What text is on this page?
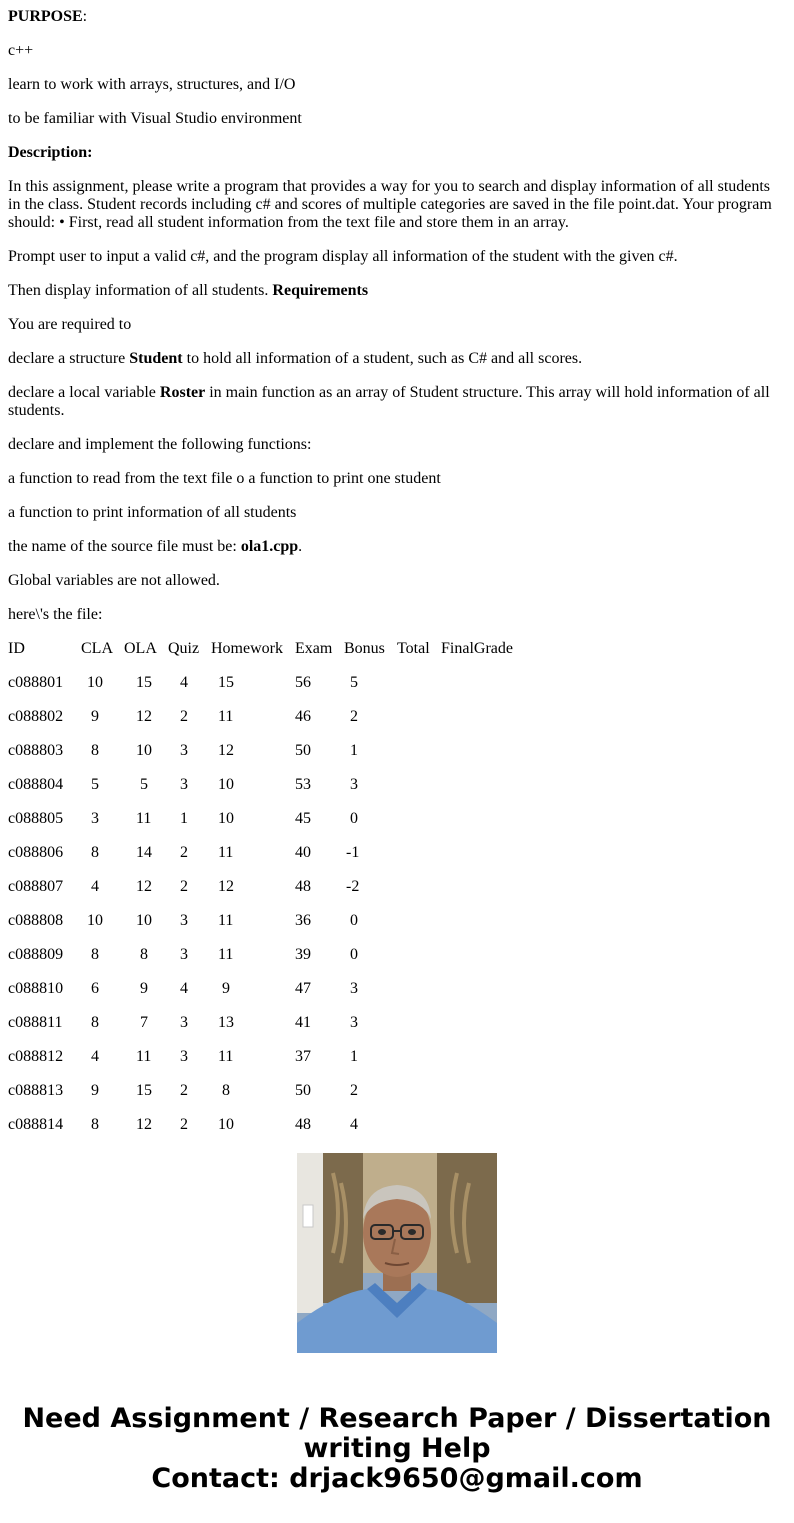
PURPOSE:

c++

learn to work with arrays, structures, and I/O

to be familiar with Visual Studio environment

Description:

In this assignment, please write a program that provides a way for you to search and display information of all students in the class. Student records including c# and scores of multiple categories are saved in the file point.dat. Your program should: • First, read all student information from the text file and store them in an array.

Prompt user to input a valid c#, and the program display all information of the student with the given c#.

Then display information of all students. Requirements

You are required to

declare a structure Student to hold all information of a student, such as C# and all scores.

declare a local variable Roster in main function as an array of Student structure. This array will hold information of all students.

declare and implement the following functions:

a function to read from the text file o a function to print one student

a function to print information of all students

the name of the source file must be: ola1.cpp.

Global variables are not allowed.

here\'s the file:

ID	CLA OLA Quiz Homework Exam Bonus Total FinalGrade
c088801 10 15 4 15	56 5
c088802 9 12 2 11	46 2
c088803 8 10 3 12	50 1
c088804 5	5 3 10	53 3
c088805 3 11 1 10	45 0
c088806 8 14 2 11	40 -1
c088807 4 12 2 12	48 -2
c088808 10 10 3 11	36 0
c088809 8	8 3 11	39 0
c088810 6	9 4 9	47 3
c088811 8	7 3 13	41 3
c088812 4 11 3 11	37 1
c088813 9 15 2 8	50 2
c088814 8 12 2 10	48 4
Need Assignment / Research Paper / Dissertation
writing Help
Contact: drjack9650@gmail.com
